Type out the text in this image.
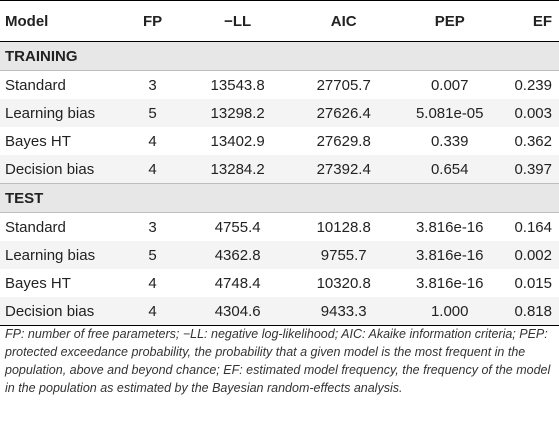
Model	FP	−LL	AIC	PEP	EF
TRAINING					
Standard	3	13543.8	27705.7	0.007	0.239
Learning bias	5	13298.2	27626.4	5.081e-05	0.003
Bayes HT	4	13402.9	27629.8	0.339	0.362
Decision bias	4	13284.2	27392.4	0.654	0.397
TEST					
Standard	3	4755.4	10128.8	3.816e-16	0.164
Learning bias	5	4362.8	9755.7	3.816e-16	0.002
Bayes HT	4	4748.4	10320.8	3.816e-16	0.015
Decision bias	4	4304.6	9433.3	1.000	0.818
FP: number of free parameters; −LL: negative log-likelihood; AIC: Akaike information criteria; PEP: protected exceedance probability, the probability that a given model is the most frequent in the population, above and beyond chance; EF: estimated model frequency, the frequency of the model in the population as estimated by the Bayesian random-effects analysis.
